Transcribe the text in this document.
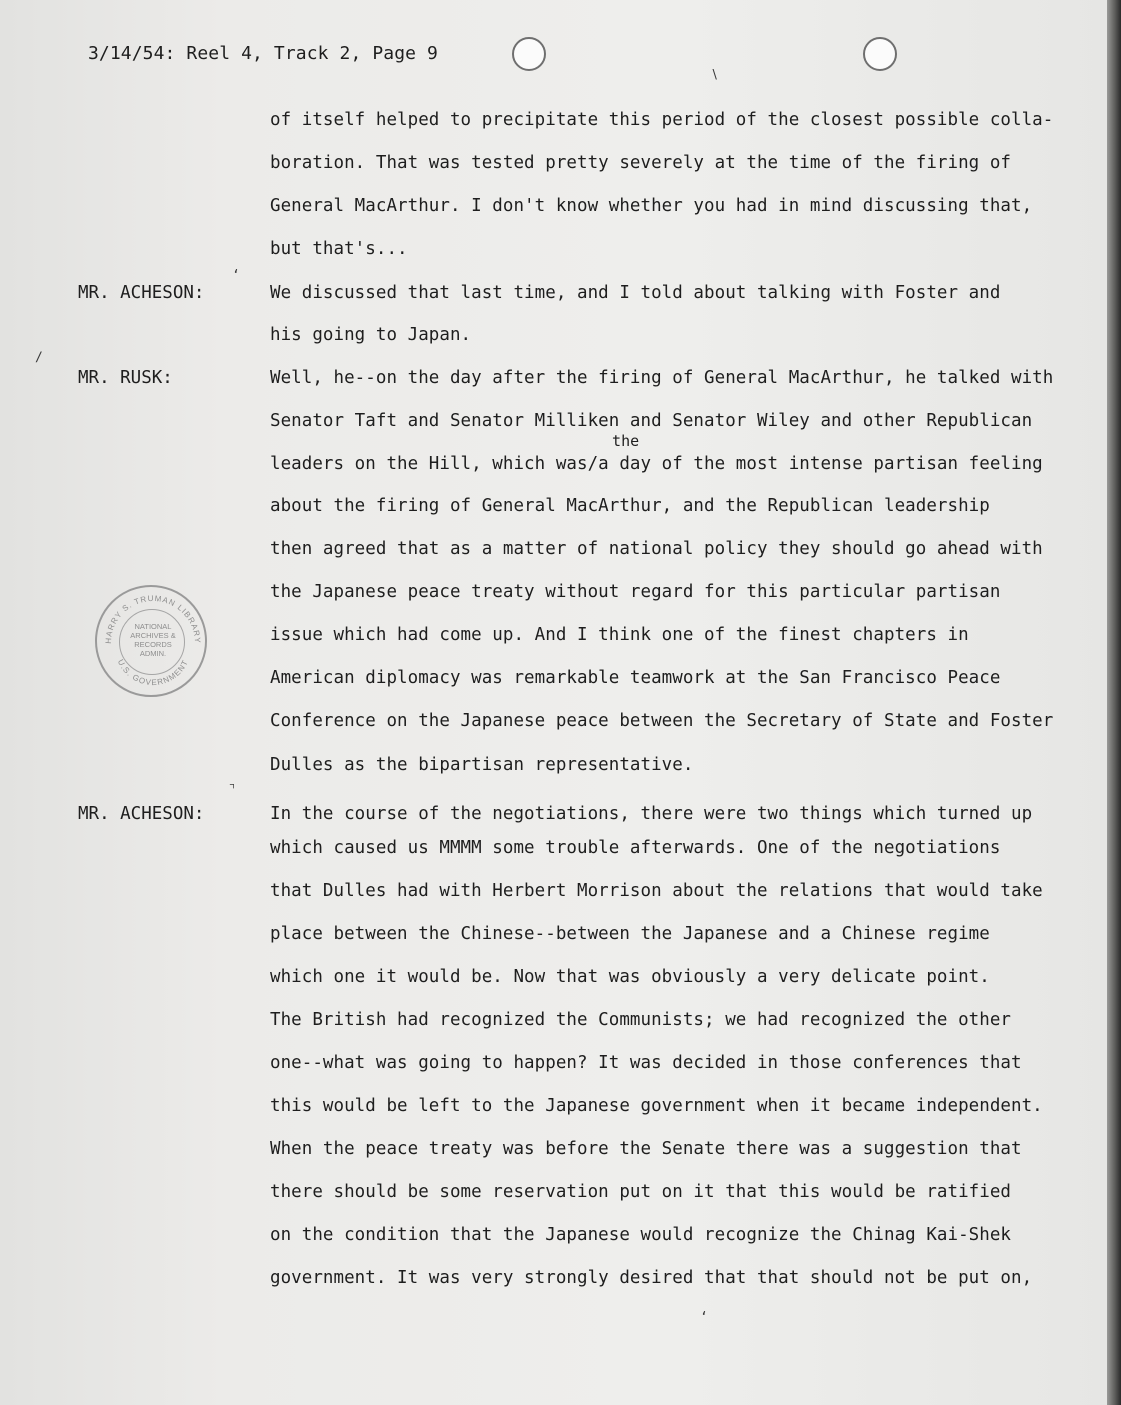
3/14/54: Reel 4, Track 2, Page 9
MR. ACHESON:
MR. RUSK:
MR. ACHESON:
of itself helped to precipitate this period of the closest possible colla-
boration. That was tested pretty severely at the time of the firing of
General MacArthur. I don't know whether you had in mind discussing that,
but that's...
We discussed that last time, and I told about talking with Foster and
his going to Japan.
Well, he--on the day after the firing of General MacArthur, he talked with
Senator Taft and Senator Milliken and Senator Wiley and other Republican
the
leaders on the Hill, which was/a day of the most intense partisan feeling
about the firing of General MacArthur, and the Republican leadership
then agreed that as a matter of national policy they should go ahead with
the Japanese peace treaty without regard for this particular partisan
issue which had come up. And I think one of the finest chapters in
American diplomacy was remarkable teamwork at the San Francisco Peace
Conference on the Japanese peace between the Secretary of State and Foster
Dulles as the bipartisan representative.
In the course of the negotiations, there were two things which turned up
which caused us MMMM some trouble afterwards. One of the negotiations
that Dulles had with Herbert Morrison about the relations that would take
place between the Chinese--between the Japanese and a Chinese regime
which one it would be. Now that was obviously a very delicate point.
The British had recognized the Communists; we had recognized the other
one--what was going to happen? It was decided in those conferences that
this would be left to the Japanese government when it became independent.
When the peace treaty was before the Senate there was a suggestion that
there should be some reservation put on it that this would be ratified
on the condition that the Japanese would recognize the Chinag Kai-Shek
government. It was very strongly desired that that should not be put on,
HARRY S. TRUMAN LIBRARY
U.S. GOVERNMENT
NATIONAL
ARCHIVES &
RECORDS
ADMIN.
‘
∕
⌝
‘
∖
